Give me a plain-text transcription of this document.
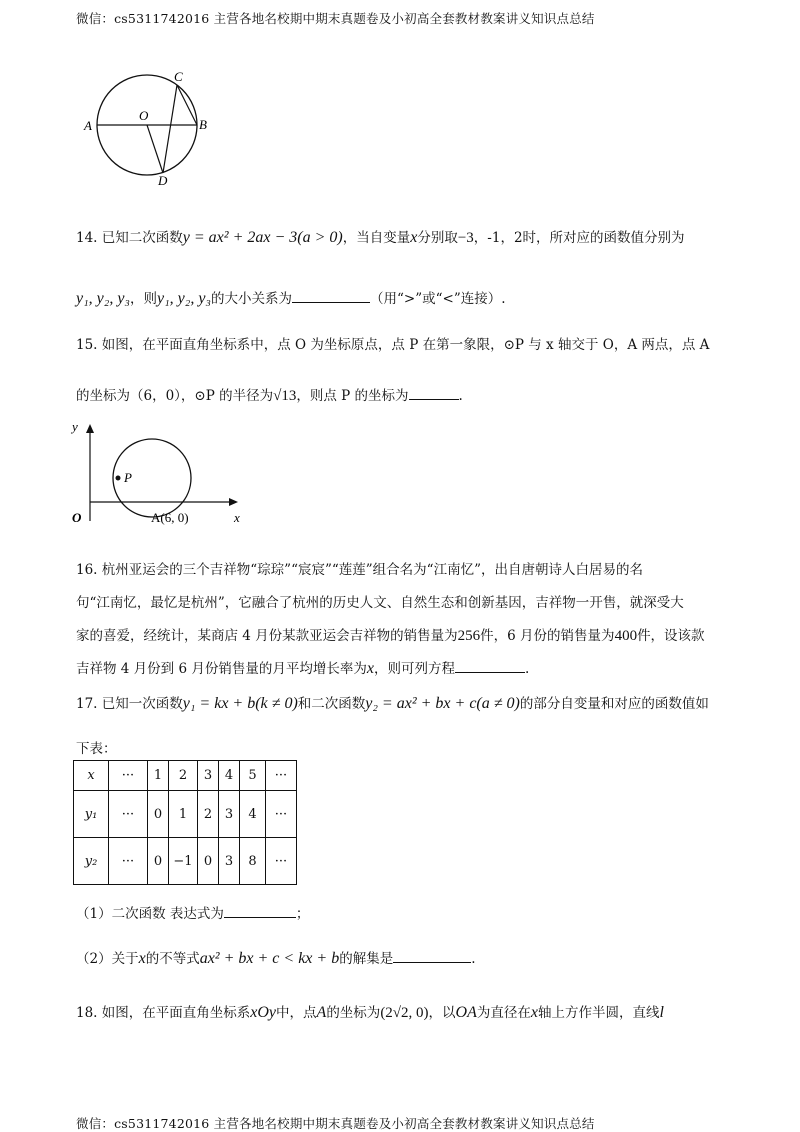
微信：cs5311742016 主营各地名校期中期末真题卷及小初高全套教材教案讲义知识点总结
A
O
B
C
D
14. 已知二次函数y = ax² + 2ax − 3(a > 0)，当自变量x分别取−3，-1，2时，所对应的函数值分别为
y₁, y₂, y₃，则y₁, y₂, y₃的大小关系为	（用“>”或“<”连接）.
15. 如图，在平面直角坐标系中，点 O 为坐标原点，点 P 在第一象限，⊙P 与 x 轴交于 O，A 两点，点 A
的坐标为（6，0），⊙P 的半径为√13，则点 P 的坐标为	.
y
x
O
P
A(6, 0)
16. 杭州亚运会的三个吉祥物“琮琮”“宸宸”“莲莲”组合名为“江南忆”，出自唐朝诗人白居易的名
句“江南忆，最忆是杭州”，它融合了杭州的历史人文、自然生态和创新基因，吉祥物一开售，就深受大
家的喜爱，经统计，某商店 4 月份某款亚运会吉祥物的销售量为256件，6 月份的销售量为400件，设该款
吉祥物 4 月份到 6 月份销售量的月平均增长率为x，则可列方程	.
17. 已知一次函数y₁ = kx + b(k ≠ 0)和二次函数y₂ = ax² + bx + c(a ≠ 0)的部分自变量和对应的函数值如
下表：
x	···	1	2	3	4	5	···
y₁	···	0	1	2	3	4	···
y₂	···	0	−1	0	3	8	···
（1）二次函数 表达式为	；
（2）关于x的不等式ax² + bx + c < kx + b的解集是	.
18. 如图，在平面直角坐标系xOy中，点A的坐标为(2√2, 0)，以OA为直径在x轴上方作半圆，直线l
微信：cs5311742016 主营各地名校期中期末真题卷及小初高全套教材教案讲义知识点总结
